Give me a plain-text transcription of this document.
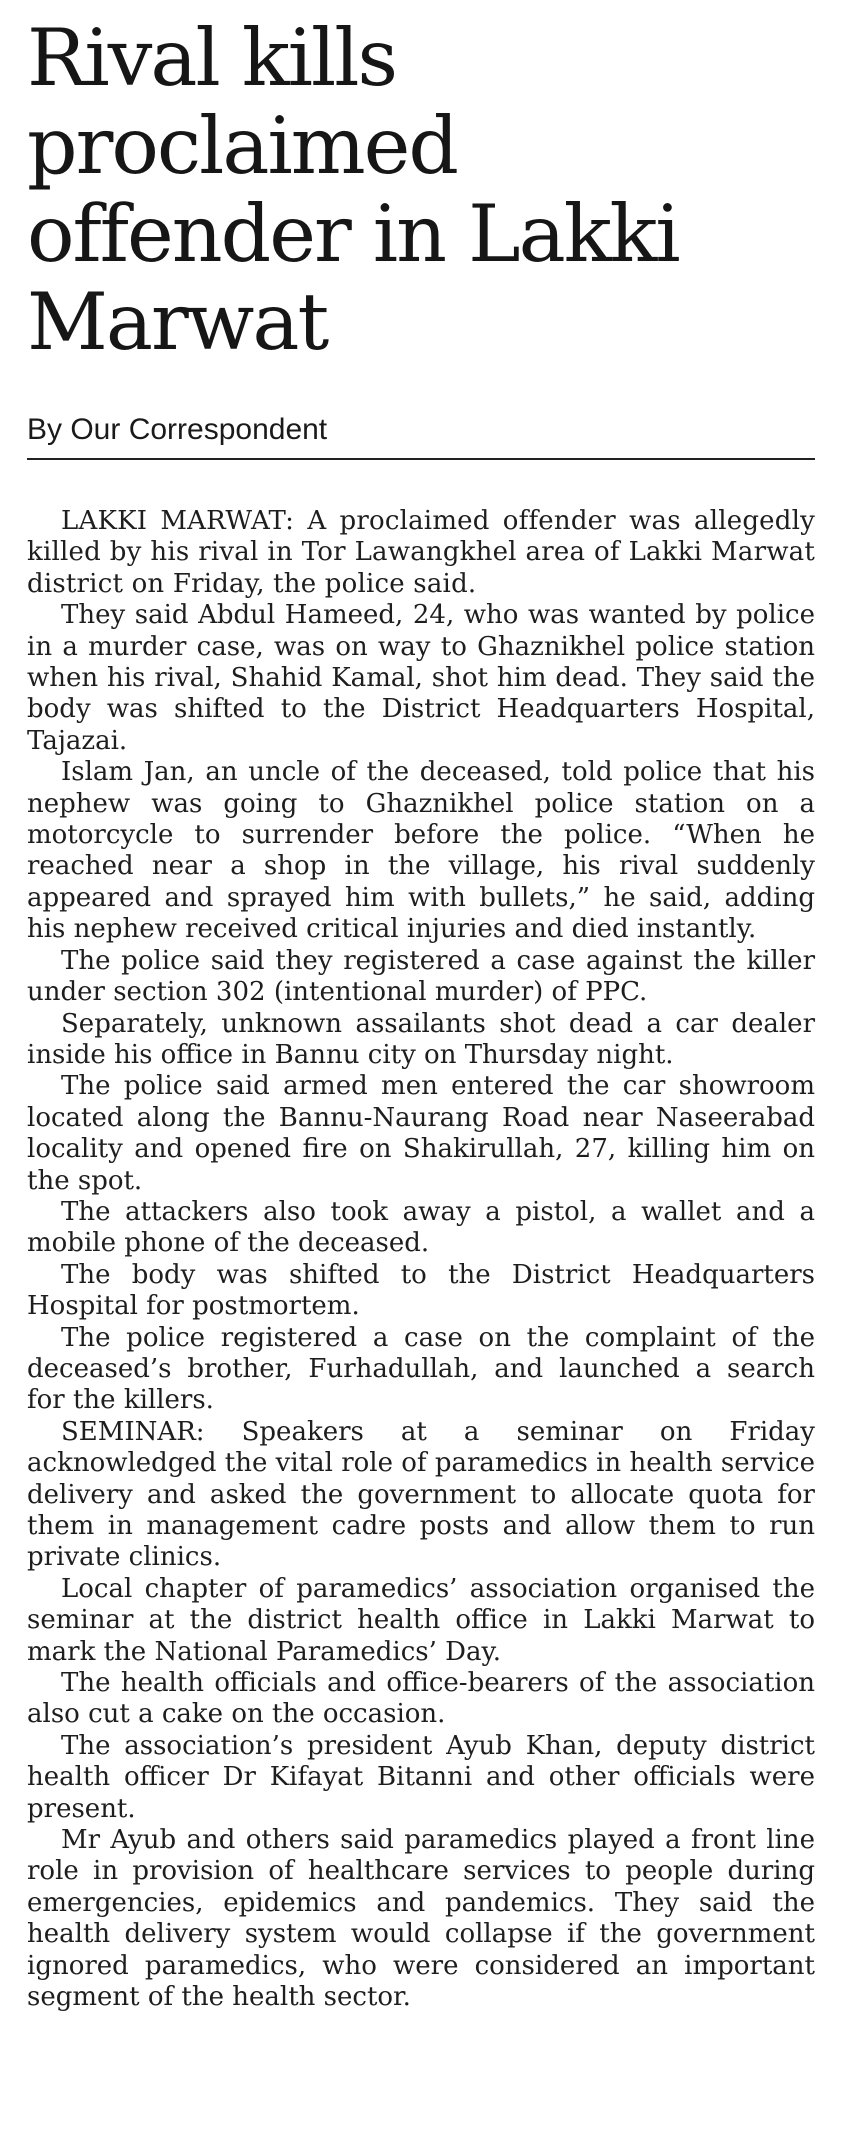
Rival kills proclaimed offender in Lakki Marwat
By Our Correspondent

LAKKI MARWAT: A proclaimed offender was allegedly killed by his rival in Tor Lawangkhel area of Lakki Marwat district on Friday, the police said.

They said Abdul Hameed, 24, who was wanted by police in a murder case, was on way to Ghaznikhel police station when his rival, Shahid Kamal, shot him dead. They said the body was shifted to the District Headquarters Hospital, Tajazai.

Islam Jan, an uncle of the deceased, told police that his nephew was going to Ghaznikhel police station on a motorcycle to surrender before the police. “When he reached near a shop in the village, his rival suddenly appeared and sprayed him with bullets,” he said, adding his nephew received critical injuries and died instantly.

The police said they registered a case against the killer under section 302 (intentional murder) of PPC.

Separately, unknown assailants shot dead a car dealer inside his office in Bannu city on Thursday night.

The police said armed men entered the car showroom located along the Bannu-Naurang Road near Naseerabad locality and opened fire on Shakirullah, 27, killing him on the spot.

The attackers also took away a pistol, a wallet and a mobile phone of the deceased.

The body was shifted to the District Headquarters Hospital for postmortem.

The police registered a case on the complaint of the deceased’s brother, Furhadullah, and launched a search for the killers.

SEMINAR: Speakers at a seminar on Friday acknowledged the vital role of paramedics in health service delivery and asked the government to allocate quota for them in management cadre posts and allow them to run private clinics.

Local chapter of paramedics’ association organised the seminar at the district health office in Lakki Marwat to mark the National Paramedics’ Day.

The health officials and office-bearers of the association also cut a cake on the occasion.

The association’s president Ayub Khan, deputy district health officer Dr Kifayat Bitanni and other officials were present.

Mr Ayub and others said paramedics played a front line role in provision of healthcare services to people during emergencies, epidemics and pandemics. They said the health delivery system would collapse if the government ignored paramedics, who were considered an important segment of the health sector.
